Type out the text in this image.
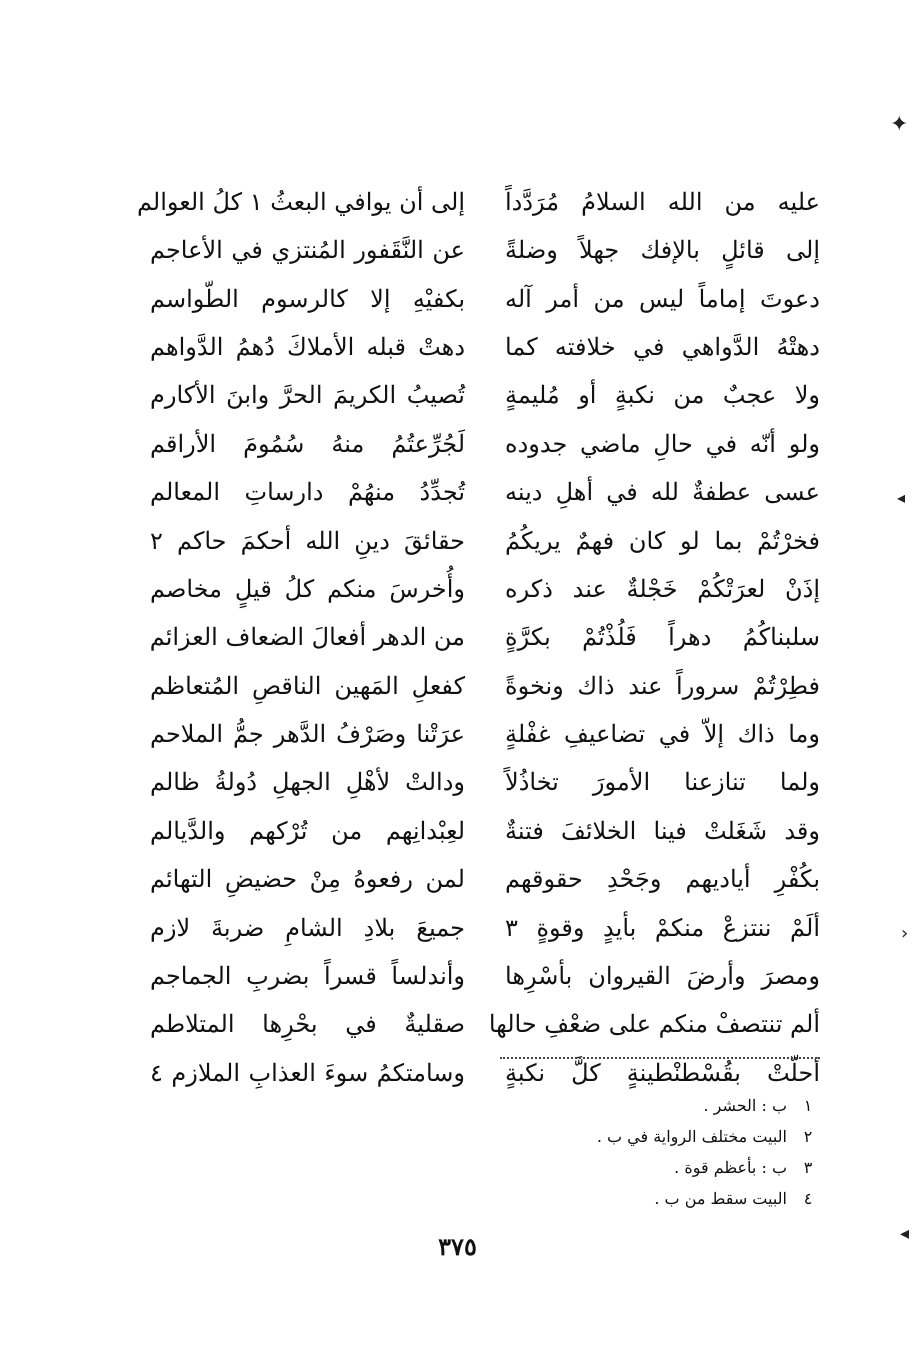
✦
◂
›
◂
عليه من الله السلامُ مُرَدَّداً
إلى أن يوافي البعثُ ١ كلُ العوالم
إلى قائلٍ بالإفك جهلاً وضلةً
عن النَّقَفور المُنتزي في الأعاجم
دعوتَ إماماً ليس من أمر آله
بكفيْهِ إلا كالرسوم الطّواسم
دهتْهُ الدَّواهي في خلافته كما
دهتْ قبله الأملاكَ دُهمُ الدَّواهم
ولا عجبٌ من نكبةٍ أو مُليمةٍ
تُصيبُ الكريمَ الحرَّ وابنَ الأكارم
ولو أنّه في حالِ ماضي جدوده
لَجُرِّعتُمُ منهُ سُمُومَ الأراقم
عسى عطفةٌ لله في أهلِ دينه
تُجدِّدُ منهُمْ دارساتِ المعالم
فخرْتُمْ بما لو كان فهمٌ يريكُمُ
حقائقَ دينِ الله أحكمَ حاكم ٢
إذَنْ لعرَتْكُمْ خَجْلةٌ عند ذكره
وأُخرسَ منكم كلُ قيلٍ مخاصم
سلبناكُمُ دهراً فَلُذْتُمْ بكرَّةٍ
من الدهر أفعالَ الضعاف العزائم
فطِرْتُمْ سروراً عند ذاك ونخوةً
كفعلِ المَهين الناقصِ المُتعاظم
وما ذاك إلاّ في تضاعيفِ غفْلةٍ
عرَتْنا وصَرْفُ الدَّهر جمُّ الملاحم
ولما تنازعنا الأمورَ تخاذُلاً
ودالتْ لأهْلِ الجهلِ دُولةُ ظالم
وقد شَغَلتْ فينا الخلائفَ فتنةٌ
لعِبْدانِهم من تُرْكهم والدَّيالم
بكُفْرِ أياديهم وجَحْدِ حقوقهم
لمن رفعوهُ مِنْ حضيضِ التهائم
ألَمْ ننتزعْ منكمْ بأيدٍ وقوةٍ ٣
جميعَ بلادِ الشامِ ضربةَ لازم
ومصرَ وأرضَ القيروان بأسْرِها
وأندلساً قسراً بضربِ الجماجم
ألم تنتصفْ منكم على ضعْفِ حالها
صقليةٌ في بحْرِها المتلاطم
أحلّتْ بقُسْطنْطينةٍ كلَّ نكبةٍ
وسامتكمُ سوءَ العذابِ الملازم ٤
١
ب : الحشر .
٢
البيت مختلف الرواية في ب .
٣
ب : بأعظم قوة .
٤
البيت سقط من ب .
٣٧٥
